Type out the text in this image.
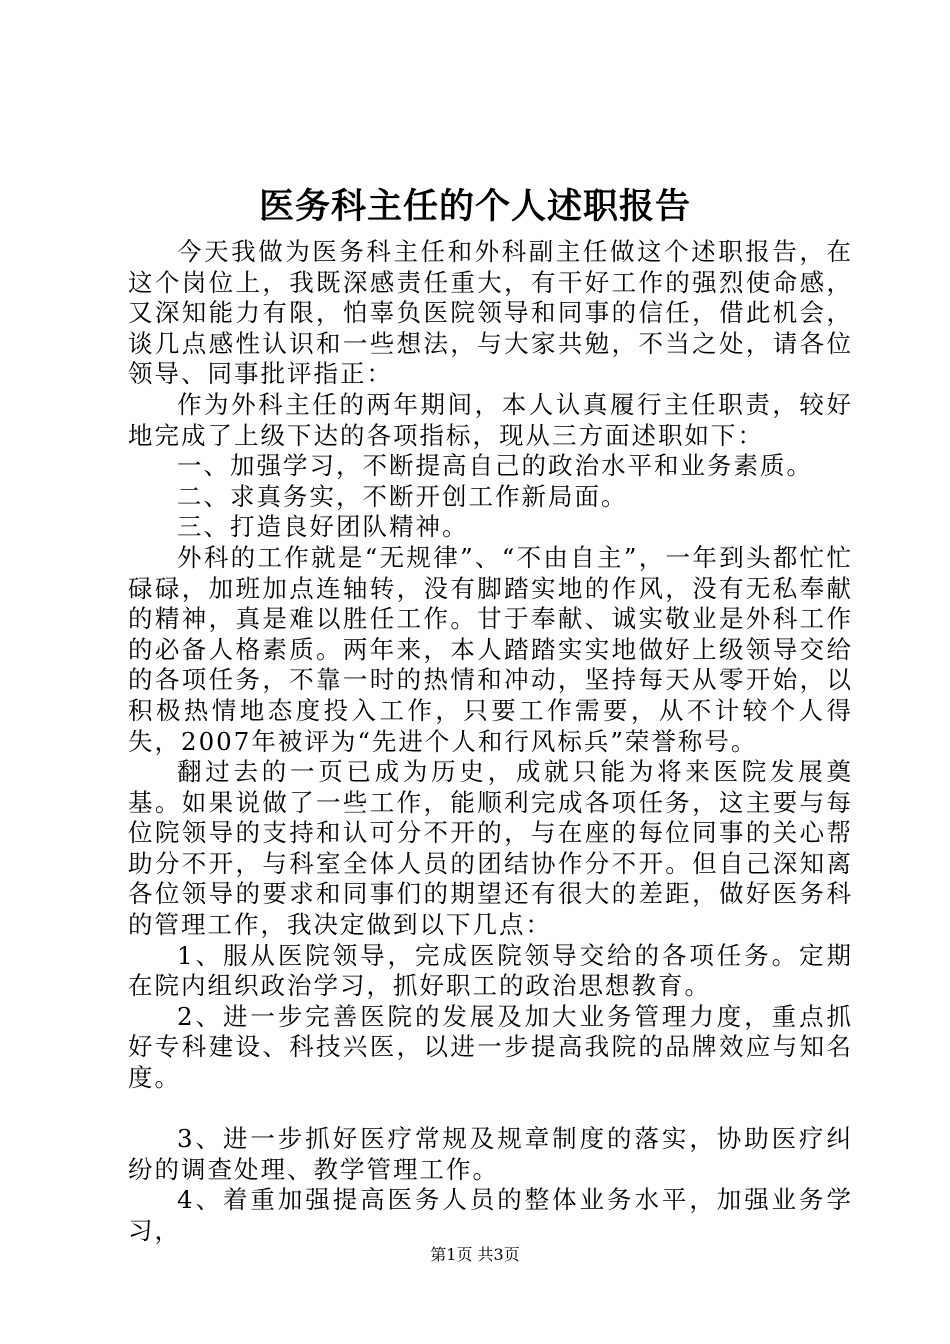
医务科主任的个人述职报告

今天我做为医务科主任和外科副主任做这个述职报告，在这个岗位上，我既深感责任重大，有干好工作的强烈使命感，又深知能力有限，怕辜负医院领导和同事的信任，借此机会，谈几点感性认识和一些想法，与大家共勉，不当之处，请各位领导、同事批评指正：

作为外科主任的两年期间，本人认真履行主任职责，较好地完成了上级下达的各项指标，现从三方面述职如下：

一、加强学习，不断提高自己的政治水平和业务素质。

二、求真务实，不断开创工作新局面。

三、打造良好团队精神。

外科的工作就是“无规律”、“不由自主”，一年到头都忙忙碌碌，加班加点连轴转，没有脚踏实地的作风，没有无私奉献的精神，真是难以胜任工作。甘于奉献、诚实敬业是外科工作的必备人格素质。两年来，本人踏踏实实地做好上级领导交给的各项任务，不靠一时的热情和冲动，坚持每天从零开始，以积极热情地态度投入工作，只要工作需要，从不计较个人得失，2007年被评为“先进个人和行风标兵”荣誉称号。

翻过去的一页已成为历史，成就只能为将来医院发展奠基。如果说做了一些工作，能顺利完成各项任务，这主要与每位院领导的支持和认可分不开的，与在座的每位同事的关心帮助分不开，与科室全体人员的团结协作分不开。但自己深知离各位领导的要求和同事们的期望还有很大的差距，做好医务科的管理工作，我决定做到以下几点：

1、服从医院领导，完成医院领导交给的各项任务。定期在院内组织政治学习，抓好职工的政治思想教育。

2、进一步完善医院的发展及加大业务管理力度，重点抓好专科建设、科技兴医，以进一步提高我院的品牌效应与知名度。

3、进一步抓好医疗常规及规章制度的落实，协助医疗纠纷的调查处理、教学管理工作。

4、着重加强提高医务人员的整体业务水平，加强业务学习，

第1页 共3页
